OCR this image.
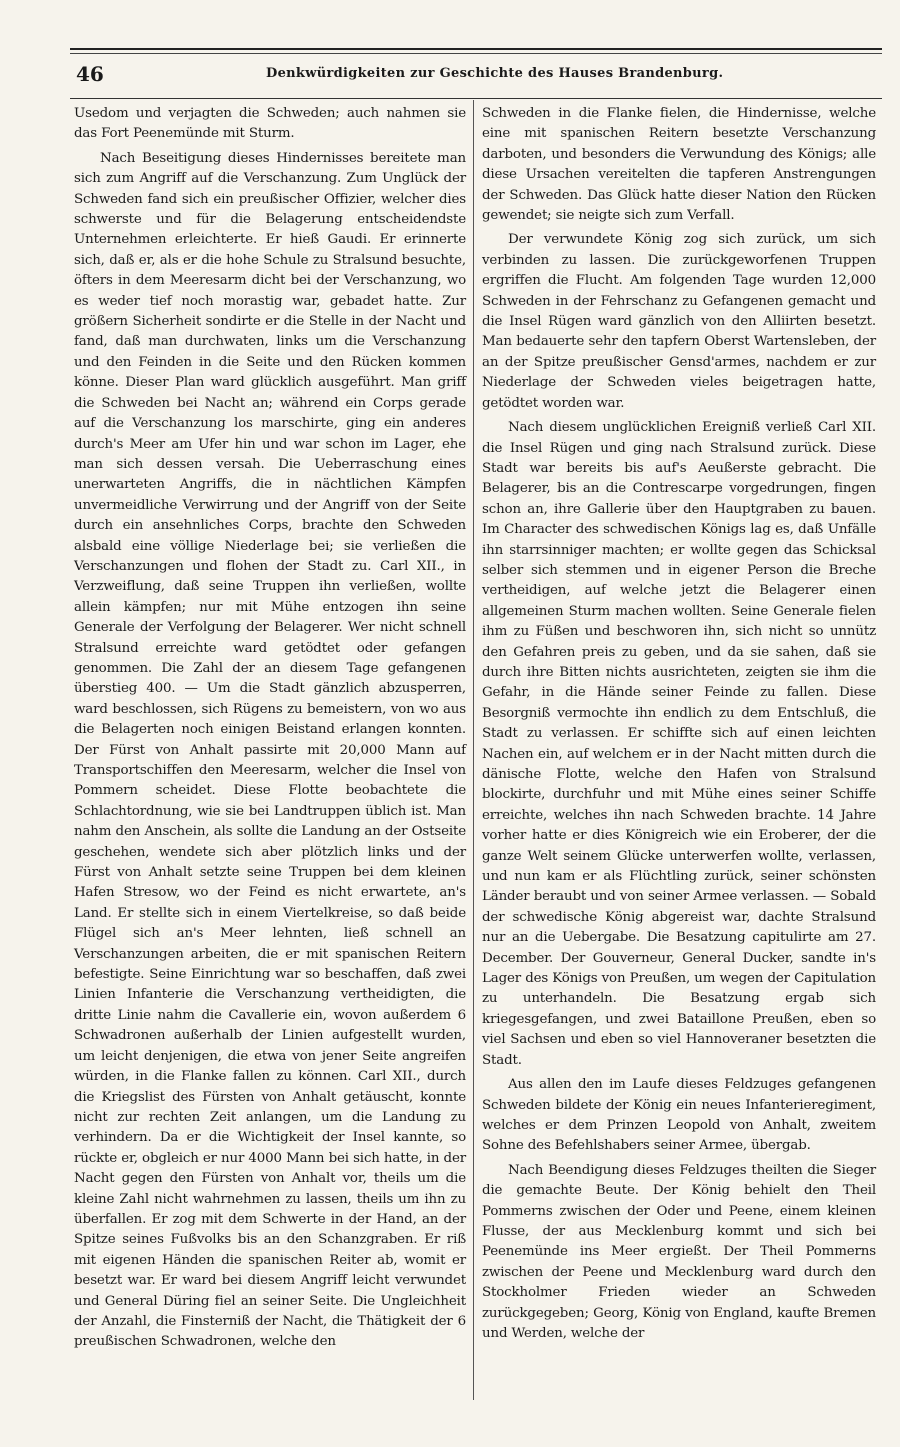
46	Denkwürdigkeiten zur Geschichte des Hauses Brandenburg.

Usedom und verjagten die Schweden; auch nahmen sie das Fort Peenemünde mit Sturm.

Nach Beseitigung dieses Hindernisses bereitete man sich zum Angriff auf die Verschanzung. Zum Unglück der Schweden fand sich ein preußischer Offizier, welcher dies schwerste und für die Belagerung entscheidendste Unternehmen erleichterte. Er hieß Gaudi. Er erinnerte sich, daß er, als er die hohe Schule zu Stralsund besuchte, öfters in dem Meeresarm dicht bei der Verschanzung, wo es weder tief noch morastig war, gebadet hatte. Zur größern Sicherheit sondirte er die Stelle in der Nacht und fand, daß man durchwaten, links um die Verschanzung und den Feinden in die Seite und den Rücken kommen könne. Dieser Plan ward glücklich ausgeführt. Man griff die Schweden bei Nacht an; während ein Corps gerade auf die Verschanzung los marschirte, ging ein anderes durch's Meer am Ufer hin und war schon im Lager, ehe man sich dessen versah. Die Ueberraschung eines unerwarteten Angriffs, die in nächtlichen Kämpfen unvermeidliche Verwirrung und der Angriff von der Seite durch ein ansehnliches Corps, brachte den Schweden alsbald eine völlige Niederlage bei; sie verließen die Verschanzungen und flohen der Stadt zu. Carl XII., in Verzweiflung, daß seine Truppen ihn verließen, wollte allein kämpfen; nur mit Mühe entzogen ihn seine Generale der Verfolgung der Belagerer. Wer nicht schnell Stralsund erreichte ward getödtet oder gefangen genommen. Die Zahl der an diesem Tage gefangenen überstieg 400. — Um die Stadt gänzlich abzusperren, ward beschlossen, sich Rügens zu bemeistern, von wo aus die Belagerten noch einigen Beistand erlangen konnten. Der Fürst von Anhalt passirte mit 20,000 Mann auf Transportschiffen den Meeresarm, welcher die Insel von Pommern scheidet. Diese Flotte beobachtete die Schlachtordnung, wie sie bei Landtruppen üblich ist. Man nahm den Anschein, als sollte die Landung an der Ostseite geschehen, wendete sich aber plötzlich links und der Fürst von Anhalt setzte seine Truppen bei dem kleinen Hafen Stresow, wo der Feind es nicht erwartete, an's Land. Er stellte sich in einem Viertelkreise, so daß beide Flügel sich an's Meer lehnten, ließ schnell an Verschanzungen arbeiten, die er mit spanischen Reitern befestigte. Seine Einrichtung war so beschaffen, daß zwei Linien Infanterie die Verschanzung vertheidigten, die dritte Linie nahm die Cavallerie ein, wovon außerdem 6 Schwadronen außerhalb der Linien aufgestellt wurden, um leicht denjenigen, die etwa von jener Seite angreifen würden, in die Flanke fallen zu können. Carl XII., durch die Kriegslist des Fürsten von Anhalt getäuscht, konnte nicht zur rechten Zeit anlangen, um die Landung zu verhindern. Da er die Wichtigkeit der Insel kannte, so rückte er, obgleich er nur 4000 Mann bei sich hatte, in der Nacht gegen den Fürsten von Anhalt vor, theils um die kleine Zahl nicht wahrnehmen zu lassen, theils um ihn zu überfallen. Er zog mit dem Schwerte in der Hand, an der Spitze seines Fußvolks bis an den Schanzgraben. Er riß mit eigenen Händen die spanischen Reiter ab, womit er besetzt war. Er ward bei diesem Angriff leicht verwundet und General Düring fiel an seiner Seite. Die Ungleichheit der Anzahl, die Finsterniß der Nacht, die Thätigkeit der 6 preußischen Schwadronen, welche den

Schweden in die Flanke fielen, die Hindernisse, welche eine mit spanischen Reitern besetzte Verschanzung darboten, und besonders die Verwundung des Königs; alle diese Ursachen vereitelten die tapferen Anstrengungen der Schweden. Das Glück hatte dieser Nation den Rücken gewendet; sie neigte sich zum Verfall.

Der verwundete König zog sich zurück, um sich verbinden zu lassen. Die zurückgeworfenen Truppen ergriffen die Flucht. Am folgenden Tage wurden 12,000 Schweden in der Fehrschanz zu Gefangenen gemacht und die Insel Rügen ward gänzlich von den Alliirten besetzt. Man bedauerte sehr den tapfern Oberst Wartensleben, der an der Spitze preußischer Gensd'armes, nachdem er zur Niederlage der Schweden vieles beigetragen hatte, getödtet worden war.

Nach diesem unglücklichen Ereigniß verließ Carl XII. die Insel Rügen und ging nach Stralsund zurück. Diese Stadt war bereits bis auf's Aeußerste gebracht. Die Belagerer, bis an die Contrescarpe vorgedrungen, fingen schon an, ihre Gallerie über den Hauptgraben zu bauen. Im Character des schwedischen Königs lag es, daß Unfälle ihn starrsinniger machten; er wollte gegen das Schicksal selber sich stemmen und in eigener Person die Breche vertheidigen, auf welche jetzt die Belagerer einen allgemeinen Sturm machen wollten. Seine Generale fielen ihm zu Füßen und beschworen ihn, sich nicht so unnütz den Gefahren preis zu geben, und da sie sahen, daß sie durch ihre Bitten nichts ausrichteten, zeigten sie ihm die Gefahr, in die Hände seiner Feinde zu fallen. Diese Besorgniß vermochte ihn endlich zu dem Entschluß, die Stadt zu verlassen. Er schiffte sich auf einen leichten Nachen ein, auf welchem er in der Nacht mitten durch die dänische Flotte, welche den Hafen von Stralsund blockirte, durchfuhr und mit Mühe eines seiner Schiffe erreichte, welches ihn nach Schweden brachte. 14 Jahre vorher hatte er dies Königreich wie ein Eroberer, der die ganze Welt seinem Glücke unterwerfen wollte, verlassen, und nun kam er als Flüchtling zurück, seiner schönsten Länder beraubt und von seiner Armee verlassen. — Sobald der schwedische König abgereist war, dachte Stralsund nur an die Uebergabe. Die Besatzung capitulirte am 27. December. Der Gouverneur, General Ducker, sandte in's Lager des Königs von Preußen, um wegen der Capitulation zu unterhandeln. Die Besatzung ergab sich kriegesgefangen, und zwei Bataillone Preußen, eben so viel Sachsen und eben so viel Hannoveraner besetzten die Stadt.

Aus allen den im Laufe dieses Feldzuges gefangenen Schweden bildete der König ein neues Infanterieregiment, welches er dem Prinzen Leopold von Anhalt, zweitem Sohne des Befehlshabers seiner Armee, übergab.

Nach Beendigung dieses Feldzuges theilten die Sieger die gemachte Beute. Der König behielt den Theil Pommerns zwischen der Oder und Peene, einem kleinen Flusse, der aus Mecklenburg kommt und sich bei Peenemünde ins Meer ergießt. Der Theil Pommerns zwischen der Peene und Mecklenburg ward durch den Stockholmer Frieden wieder an Schweden zurückgegeben; Georg, König von England, kaufte Bremen und Werden, welche der
